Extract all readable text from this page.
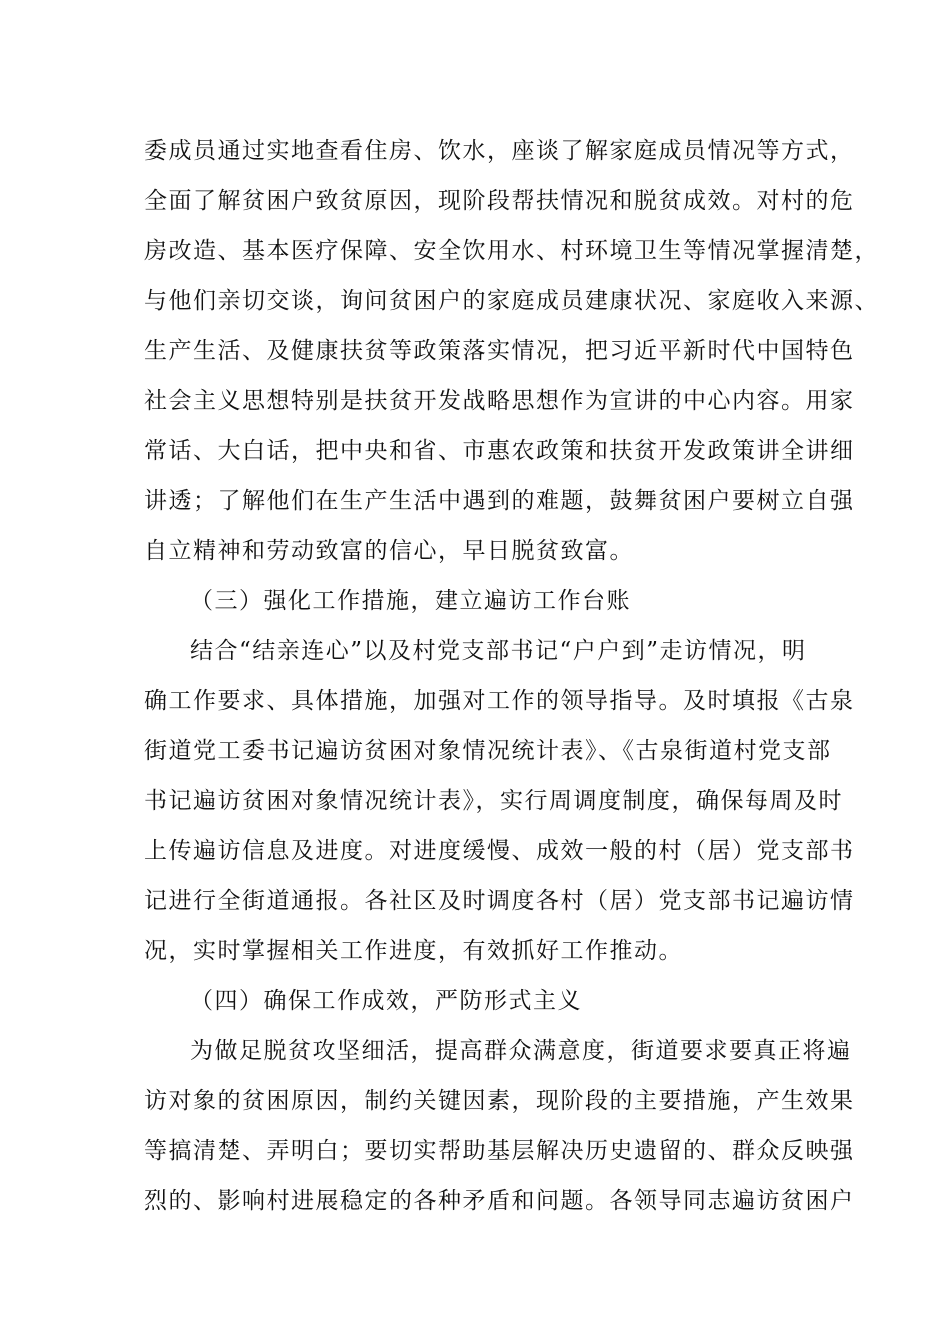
委成员通过实地查看住房、饮水，座谈了解家庭成员情况等方式，
全面了解贫困户致贫原因，现阶段帮扶情况和脱贫成效。对村的危
房改造、基本医疗保障、安全饮用水、村环境卫生等情况掌握清楚，
与他们亲切交谈，询问贫困户的家庭成员建康状况、家庭收入来源、
生产生活、及健康扶贫等政策落实情况，把习近平新时代中国特色
社会主义思想特别是扶贫开发战略思想作为宣讲的中心内容。用家
常话、大白话，把中央和省、市惠农政策和扶贫开发政策讲全讲细
讲透；了解他们在生产生活中遇到的难题，鼓舞贫困户要树立自强
自立精神和劳动致富的信心，早日脱贫致富。
（三）强化工作措施，建立遍访工作台账
结合“结亲连心”以及村党支部书记“户户到”走访情况，明
确工作要求、具体措施，加强对工作的领导指导。及时填报《古泉
街道党工委书记遍访贫困对象情况统计表》、《古泉街道村党支部
书记遍访贫困对象情况统计表》，实行周调度制度，确保每周及时
上传遍访信息及进度。对进度缓慢、成效一般的村（居）党支部书
记进行全街道通报。各社区及时调度各村（居）党支部书记遍访情
况，实时掌握相关工作进度，有效抓好工作推动。
（四）确保工作成效，严防形式主义
为做足脱贫攻坚细活，提高群众满意度，街道要求要真正将遍
访对象的贫困原因，制约关键因素，现阶段的主要措施，产生效果
等搞清楚、弄明白；要切实帮助基层解决历史遗留的、群众反映强
烈的、影响村进展稳定的各种矛盾和问题。各领导同志遍访贫困户
